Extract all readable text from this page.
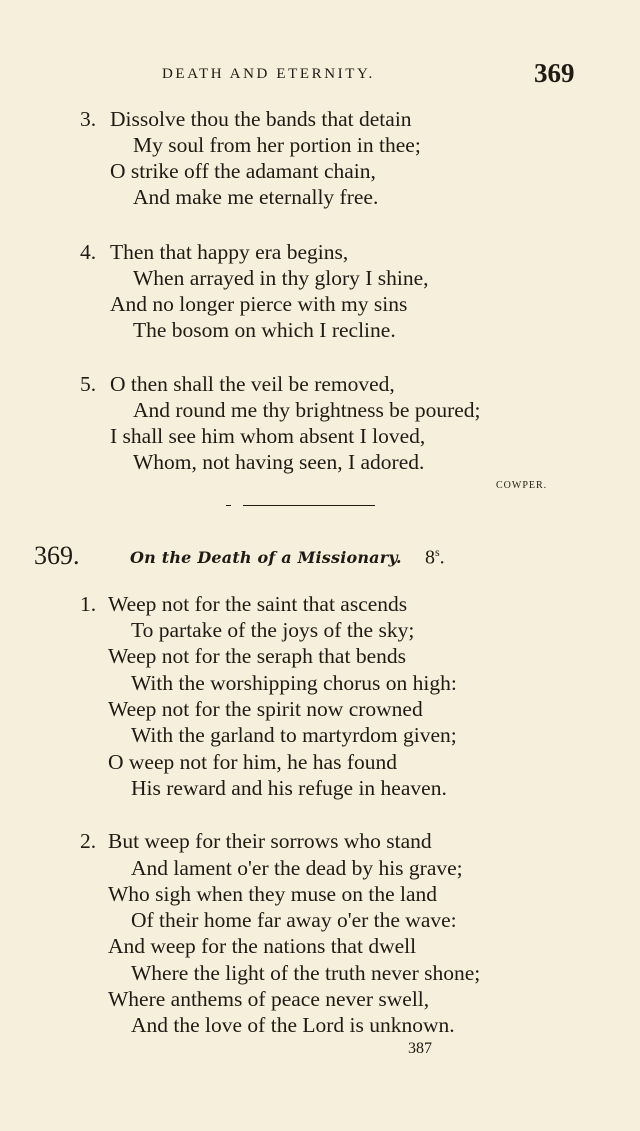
DEATH AND ETERNITY.	369
3. Dissolve thou the bands that detain
My soul from her portion in thee;
O strike off the adamant chain,
And make me eternally free.
4. Then that happy era begins,
When arrayed in thy glory I shine,
And no longer pierce with my sins
The bosom on which I recline.
5. O then shall the veil be removed,
And round me thy brightness be poured;
I shall see him whom absent I loved,
Whom, not having seen, I adored.
COWPER.
369.	On the Death of a Missionary. 8$^s$.
1. Weep not for the saint that ascends
To partake of the joys of the sky;
Weep not for the seraph that bends
With the worshipping chorus on high:
Weep not for the spirit now crowned
With the garland to martyrdom given;
O weep not for him, he has found
His reward and his refuge in heaven.
2. But weep for their sorrows who stand
And lament o'er the dead by his grave;
Who sigh when they muse on the land
Of their home far away o'er the wave:
And weep for the nations that dwell
Where the light of the truth never shone;
Where anthems of peace never swell,
And the love of the Lord is unknown.
387
